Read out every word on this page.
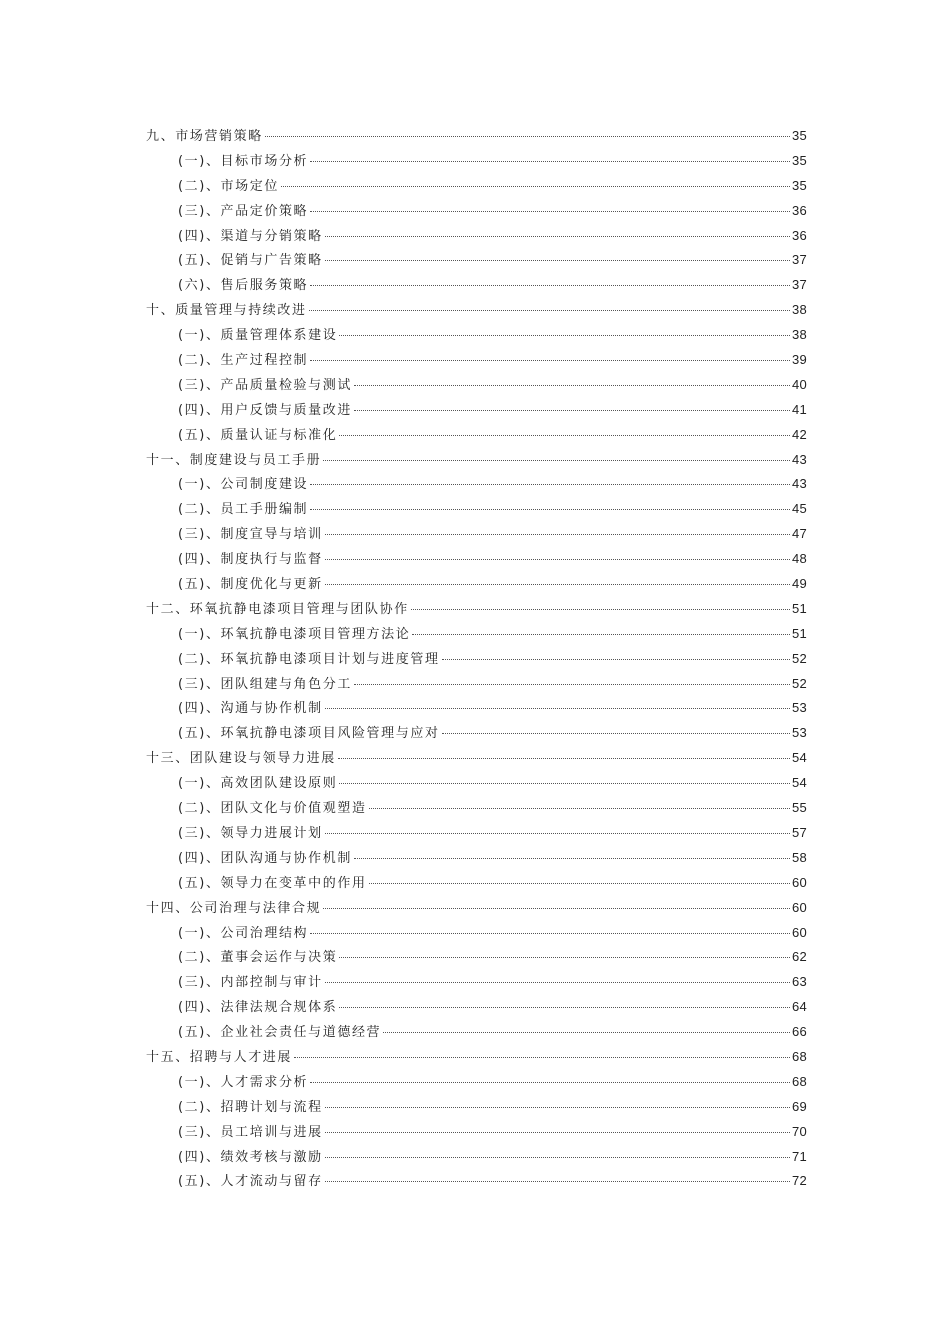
九、市场营销策略	35
(一)、目标市场分析	35
(二)、市场定位	35
(三)、产品定价策略	36
(四)、渠道与分销策略	36
(五)、促销与广告策略	37
(六)、售后服务策略	37
十、质量管理与持续改进	38
(一)、质量管理体系建设	38
(二)、生产过程控制	39
(三)、产品质量检验与测试	40
(四)、用户反馈与质量改进	41
(五)、质量认证与标准化	42
十一、制度建设与员工手册	43
(一)、公司制度建设	43
(二)、员工手册编制	45
(三)、制度宣导与培训	47
(四)、制度执行与监督	48
(五)、制度优化与更新	49
十二、环氧抗静电漆项目管理与团队协作	51
(一)、环氧抗静电漆项目管理方法论	51
(二)、环氧抗静电漆项目计划与进度管理	52
(三)、团队组建与角色分工	52
(四)、沟通与协作机制	53
(五)、环氧抗静电漆项目风险管理与应对	53
十三、团队建设与领导力进展	54
(一)、高效团队建设原则	54
(二)、团队文化与价值观塑造	55
(三)、领导力进展计划	57
(四)、团队沟通与协作机制	58
(五)、领导力在变革中的作用	60
十四、公司治理与法律合规	60
(一)、公司治理结构	60
(二)、董事会运作与决策	62
(三)、内部控制与审计	63
(四)、法律法规合规体系	64
(五)、企业社会责任与道德经营	66
十五、招聘与人才进展	68
(一)、人才需求分析	68
(二)、招聘计划与流程	69
(三)、员工培训与进展	70
(四)、绩效考核与激励	71
(五)、人才流动与留存	72
